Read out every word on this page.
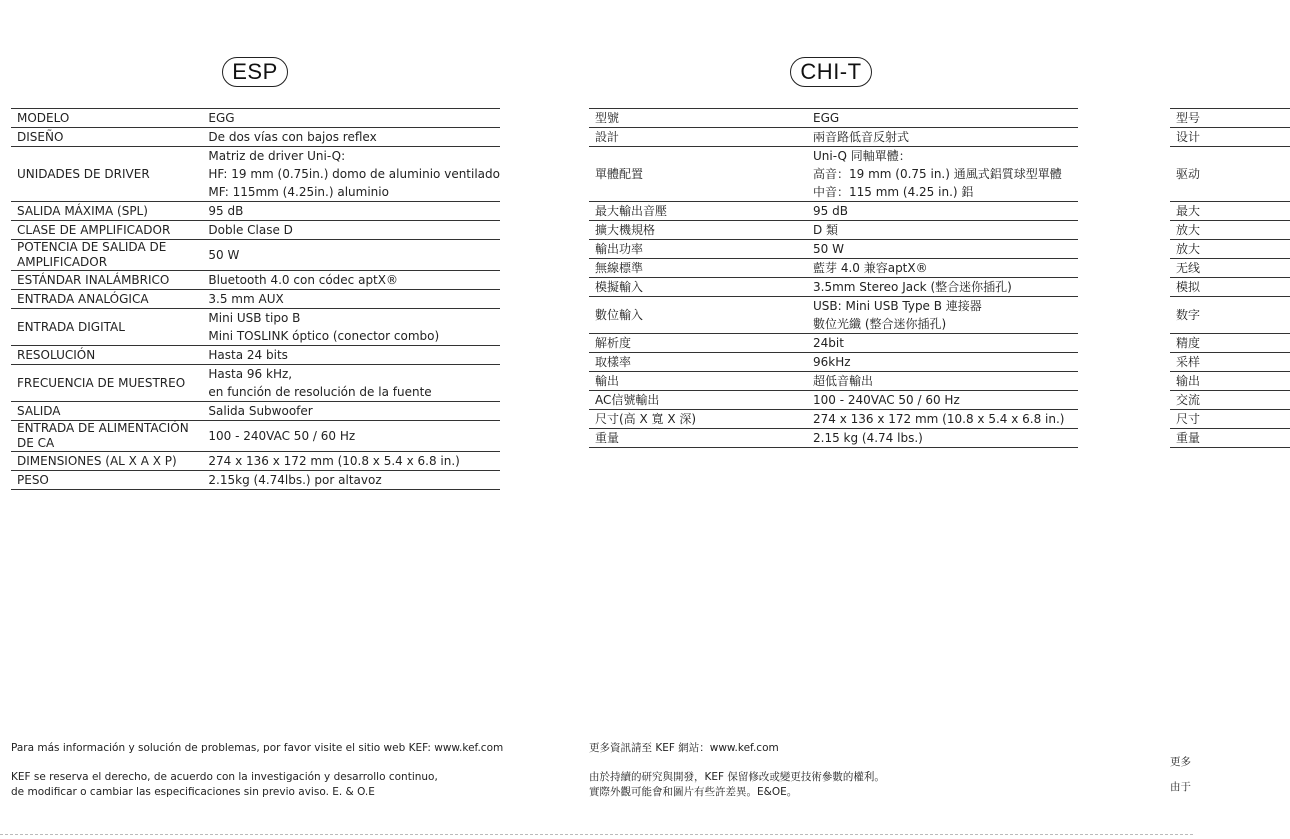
ESP
MODELO	EGG

DISEÑO	De dos vías con bajos reflex

UNIDADES DE DRIVER	Matriz de driver Uni-Q:
HF: 19 mm (0.75in.) domo de aluminio ventilado
MF: 115mm (4.25in.) aluminio

SALIDA MÁXIMA (SPL)	95 dB

CLASE DE AMPLIFICADOR	Doble Clase D

POTENCIA DE SALIDA DE AMPLIFICADOR	50 W

ESTÁNDAR INALÁMBRICO	Bluetooth 4.0 con códec aptX®

ENTRADA ANALÓGICA	3.5 mm AUX

ENTRADA DIGITAL	Mini USB tipo B
Mini TOSLINK óptico (conector combo)

RESOLUCIÓN	Hasta 24 bits

FRECUENCIA DE MUESTREO	Hasta 96 kHz,
en función de resolución de la fuente

SALIDA	Salida Subwoofer

ENTRADA DE ALIMENTACIÓN DE CA	100 - 240VAC 50 / 60 Hz

DIMENSIONES (AL X A X P)	274 x 136 x 172 mm (10.8 x 5.4 x 6.8 in.)

PESO	2.15kg (4.74lbs.) por altavoz

Para más información y solución de problemas, por favor visite el sitio web KEF: www.kef.com

KEF se reserva el derecho, de acuerdo con la investigación y desarrollo continuo,

de modificar o cambiar las especificaciones sin previo aviso. E. & O.E

CHI-T
型號	EGG

設計	兩音路低音反射式

單體配置	Uni-Q 同軸單體：
高音：19 mm (0.75 in.) 通風式鋁質球型單體
中音：115 mm (4.25 in.) 鋁

最大輸出音壓	95 dB

擴大機規格	D 類

輸出功率	50 W

無線標準	藍芽 4.0 兼容aptX®

模擬輸入	3.5mm Stereo Jack (整合迷你插孔)

數位輸入	USB: Mini USB Type B 連接器
數位光纖 (整合迷你插孔)

解析度	24bit

取樣率	96kHz

輸出	超低音輸出

AC信號輸出	100 - 240VAC 50 / 60 Hz

尺寸(高 X 寬 X 深)	274 x 136 x 172 mm (10.8 x 5.4 x 6.8 in.)

重量	2.15 kg (4.74 lbs.)

更多資訊請至 KEF 網站：www.kef.com

由於持續的研究與開發，KEF 保留修改或變更技術參數的權利。

實際外觀可能會和圖片有些許差異。E&OE。

型号

设计

驱动

最大

放大

放大

无线

模拟

数字

精度

采样

输出

交流

尺寸

重量

更多

由于
